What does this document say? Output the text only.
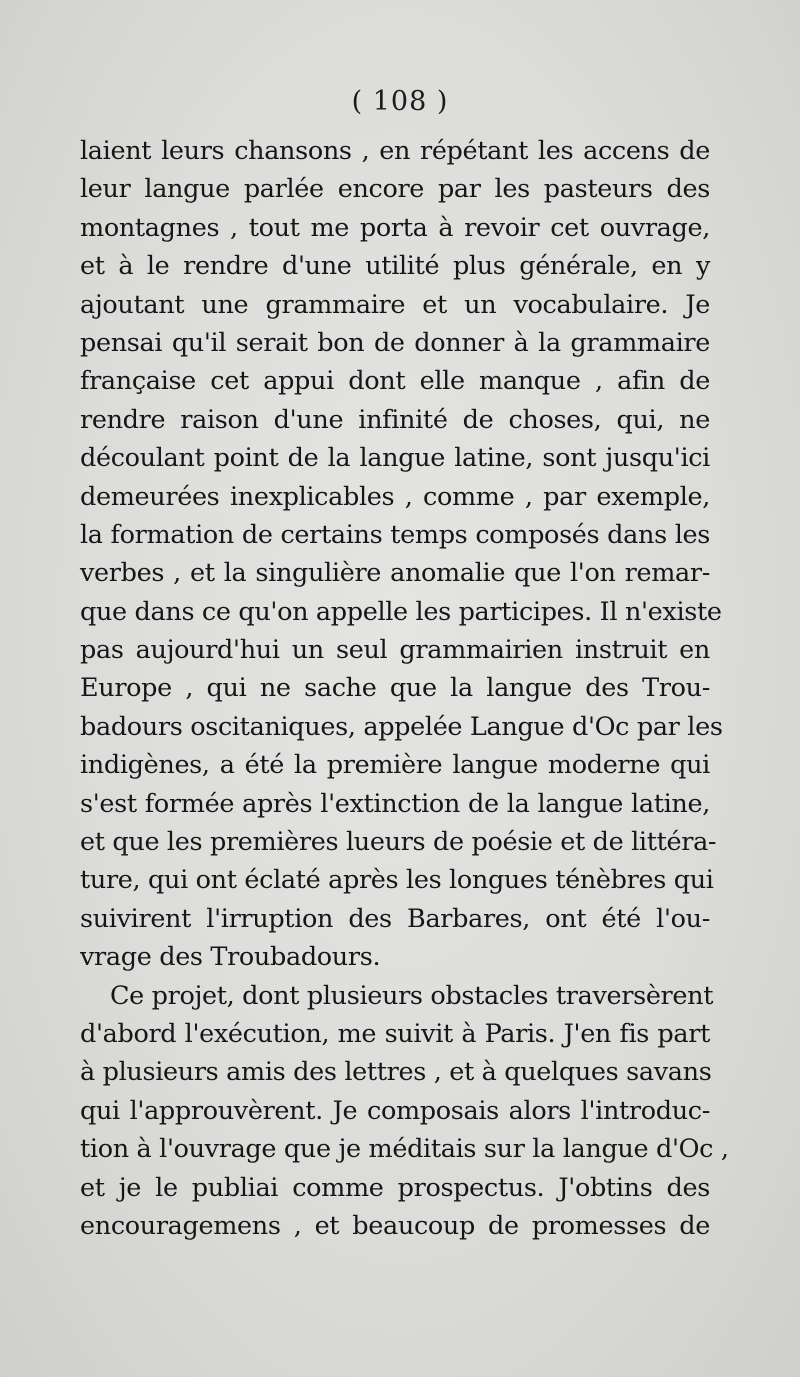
( 108 )
laient leurs chansons , en répétant les accens de
leur langue parlée encore par les pasteurs des
montagnes , tout me porta à revoir cet ouvrage,
et à le rendre d'une utilité plus générale, en y
ajoutant une grammaire et un vocabulaire. Je
pensai qu'il serait bon de donner à la grammaire
française cet appui dont elle manque , afin de
rendre raison d'une infinité de choses, qui, ne
découlant point de la langue latine, sont jusqu'ici
demeurées inexplicables , comme , par exemple,
la formation de certains temps composés dans les
verbes , et la singulière anomalie que l'on remar-
que dans ce qu'on appelle les participes. Il n'existe
pas aujourd'hui un seul grammairien instruit en
Europe , qui ne sache que la langue des Trou-
badours oscitaniques, appelée Langue d'Oc par les
indigènes, a été la première langue moderne qui
s'est formée après l'extinction de la langue latine,
et que les premières lueurs de poésie et de littéra-
ture, qui ont éclaté après les longues ténèbres qui
suivirent l'irruption des Barbares, ont été l'ou-
vrage des Troubadours.
Ce projet, dont plusieurs obstacles traversèrent
d'abord l'exécution, me suivit à Paris. J'en fis part
à plusieurs amis des lettres , et à quelques savans
qui l'approuvèrent. Je composais alors l'introduc-
tion à l'ouvrage que je méditais sur la langue d'Oc ,
et je le publiai comme prospectus. J'obtins des
encouragemens , et beaucoup de promesses de
